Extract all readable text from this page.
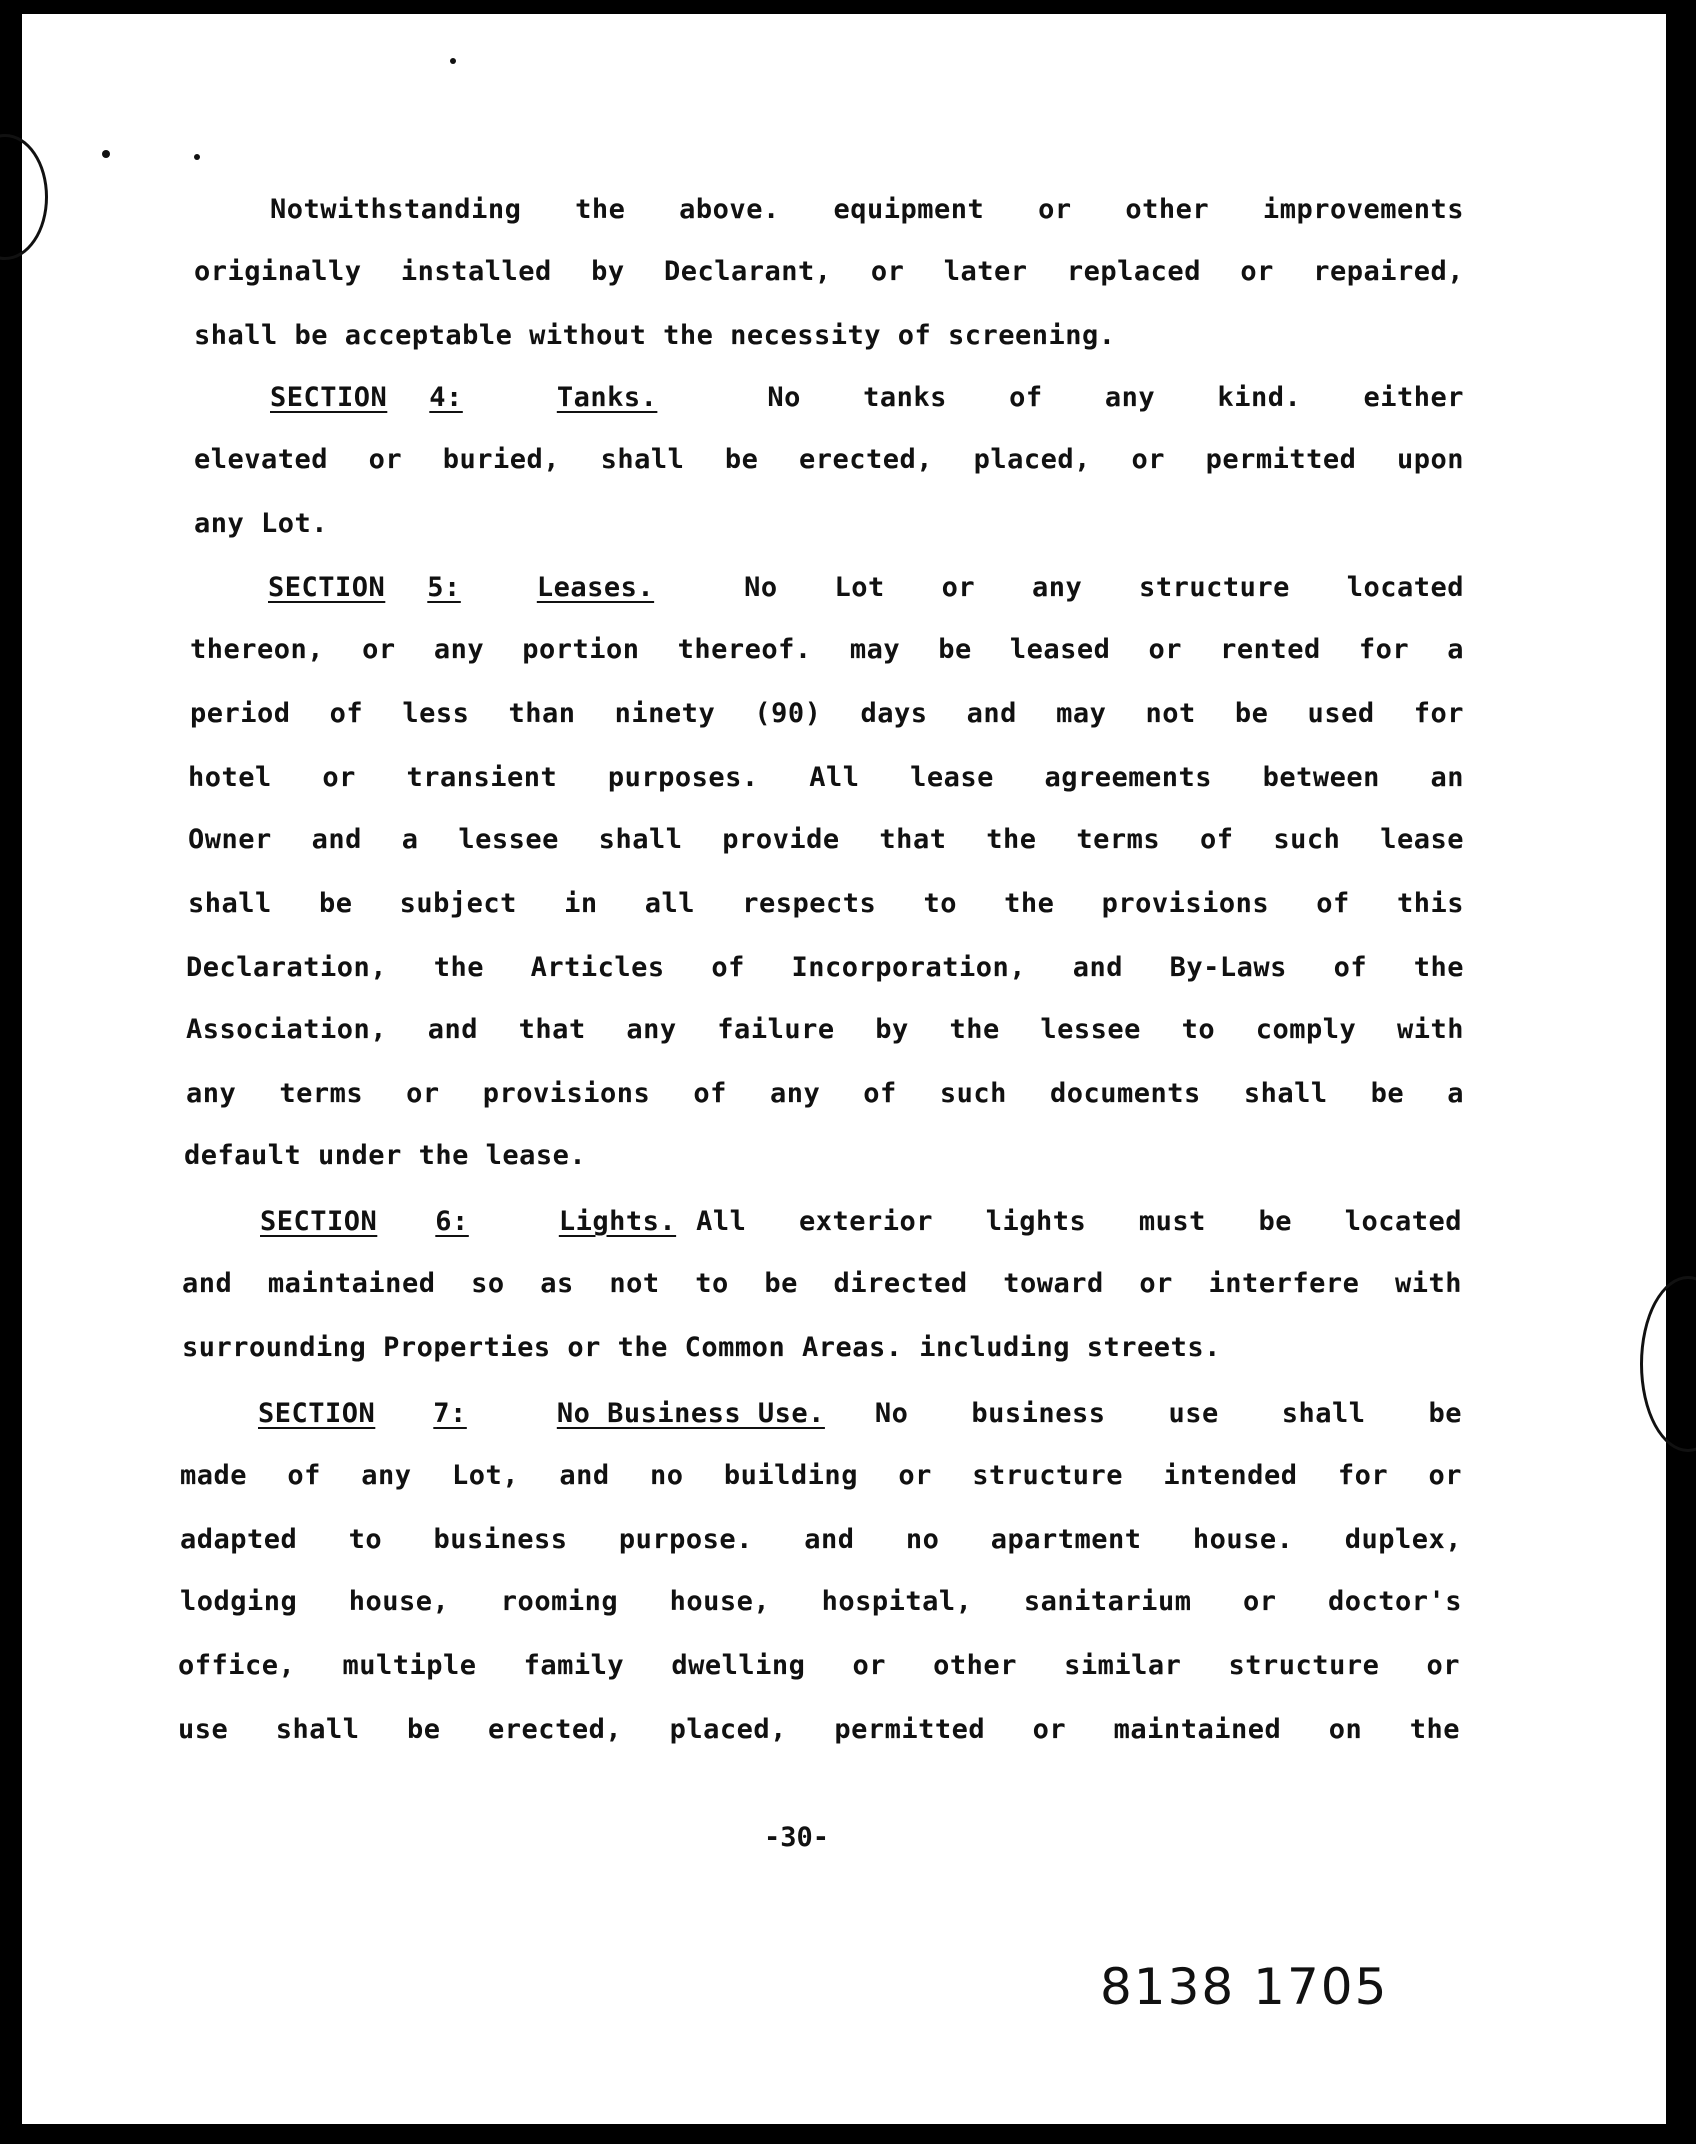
Notwithstanding the above. equipment or other improvements
originally installed by Declarant, or later replaced or repaired,
shall be acceptable without the necessity of screening.
SECTION 4:	Tanks.	No tanks of any kind. either
elevated or buried, shall be erected, placed, or permitted upon
any Lot.
SECTION 5:	Leases.	No Lot or any structure located
thereon, or any portion thereof. may be leased or rented for a
period of less than ninety (90) days and may not be used for
hotel or transient purposes. All lease agreements between an
Owner and a lessee shall provide that the terms of such lease
shall be subject in all respects to the provisions of this
Declaration, the Articles of Incorporation, and By-Laws of the
Association, and that any failure by the lessee to comply with
any terms or provisions of any of such documents shall be a
default under the lease.
SECTION 6:	Lights. All exterior lights must be located
and maintained so as not to be directed toward or interfere with
surrounding Properties or the Common Areas. including streets.
SECTION 7:	No Business Use.	No business use shall be
made of any Lot, and no building or structure intended for or
adapted to business purpose. and no apartment house. duplex,
lodging house, rooming house, hospital, sanitarium or doctor's
office, multiple family dwelling or other similar structure or
use shall be erected, placed, permitted or maintained on the
-30-
8138 1705
